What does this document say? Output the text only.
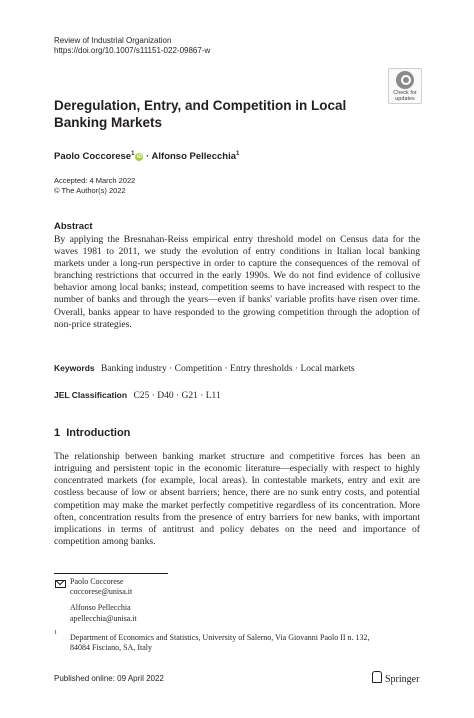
Review of Industrial Organization
https://doi.org/10.1007/s11151-022-09867-w
Check for
updates
Deregulation, Entry, and Competition in Local Banking Markets
Paolo Coccorese$^1$iD · Alfonso Pellecchia$^1$
Accepted: 4 March 2022
© The Author(s) 2022
Abstract
By applying the Bresnahan-Reiss empirical entry threshold model on Census data for the waves 1981 to 2011, we study the evolution of entry conditions in Italian local banking markets under a long-run perspective in order to capture the consequences of the removal of branching restrictions that occurred in the early 1990s. We do not find evidence of collusive behavior among local banks; instead, competition seems to have increased with respect to the number of banks and through the years—even if banks' variable profits have risen over time. Overall, banks appear to have responded to the growing competition through the adoption of non-price strategies.
Keywords Banking industry · Competition · Entry thresholds · Local markets
JEL Classification C25 · D40 · G21 · L11
1  Introduction
The relationship between banking market structure and competitive forces has been an intriguing and persistent topic in the economic literature—especially with respect to highly concentrated markets (for example, local areas). In contestable markets, entry and exit are costless because of low or absent barriers; hence, there are no sunk entry costs, and potential competition may make the market perfectly competitive regardless of its concentration. More often, concentration results from the presence of entry barriers for new banks, with important implications in terms of antitrust and policy debates on the need and importance of competition among banks.
Paolo Coccorese
coccorese@unisa.it
Alfonso Pellecchia
apellecchia@unisa.it
1 Department of Economics and Statistics, University of Salerno, Via Giovanni Paolo II n. 132,
84084 Fisciano, SA, Italy
Published online: 09 April 2022	Springer
